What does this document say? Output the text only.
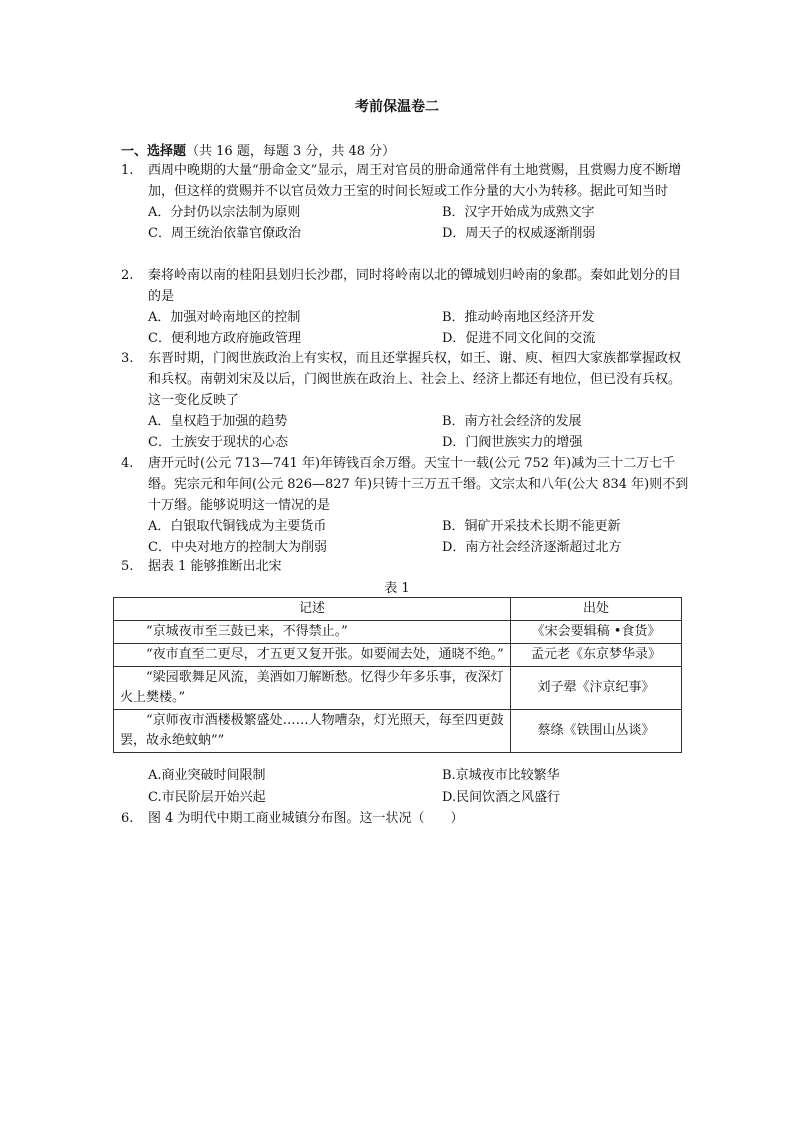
考前保温卷二
一、选择题（共 16 题，每题 3 分，共 48 分）
1.	西周中晚期的大量“册命金文”显示，周王对官员的册命通常伴有土地赏赐，且赏赐力度不断增加，但这样的赏赐并不以官员效力王室的时间长短或工作分量的大小为转移。据此可知当时
A．分封仍以宗法制为原则	B．汉字开始成为成熟文字
C．周王统治依靠官僚政治	D．周天子的权威逐渐削弱
2.	秦将岭南以南的桂阳县划归长沙郡，同时将岭南以北的镡城划归岭南的象郡。秦如此划分的目的是
A．加强对岭南地区的控制	B．推动岭南地区经济开发
C．便利地方政府施政管理	D．促进不同文化间的交流
3.	东晋时期，门阀世族政治上有实权，而且还掌握兵权，如王、谢、庾、桓四大家族都掌握政权和兵权。南朝刘宋及以后，门阀世族在政治上、社会上、经济上都还有地位，但已没有兵权。这一变化反映了
A．皇权趋于加强的趋势	B．南方社会经济的发展
C．士族安于现状的心态	D．门阀世族实力的增强
4.	唐开元时(公元 713—741 年)年铸钱百余万缗。天宝十一载(公元 752 年)减为三十二万七千缗。宪宗元和年间(公元 826—827 年)只铸十三万五千缗。文宗太和八年(公大 834 年)则不到十万缗。能够说明这一情况的是
A．白银取代铜钱成为主要货币	B．铜矿开采技术长期不能更新
C．中央对地方的控制大为削弱	D．南方社会经济逐渐超过北方
5.	据表 1 能够推断出北宋
表 1
记述	出处
“京城夜市至三鼓已来，不得禁止。”	《宋会要辑稿 •食货》
“夜市直至二更尽，才五更又复开张。如要闹去处，通晓不绝。”	孟元老《东京梦华录》
“梁园歌舞足风流，美酒如刀解断愁。忆得少年多乐事，夜深灯火上樊楼。”	刘子翚《汴京纪事》
“京师夜市酒楼极繁盛处……人物嘈杂，灯光照天，每至四更鼓罢，故永绝蚊蚋””	蔡绦《铁围山丛谈》
A.商业突破时间限制	B.京城夜市比较繁华
C.市民阶层开始兴起	D.民间饮酒之风盛行
6.	图 4 为明代中期工商业城镇分布图。这一状况（　　）
